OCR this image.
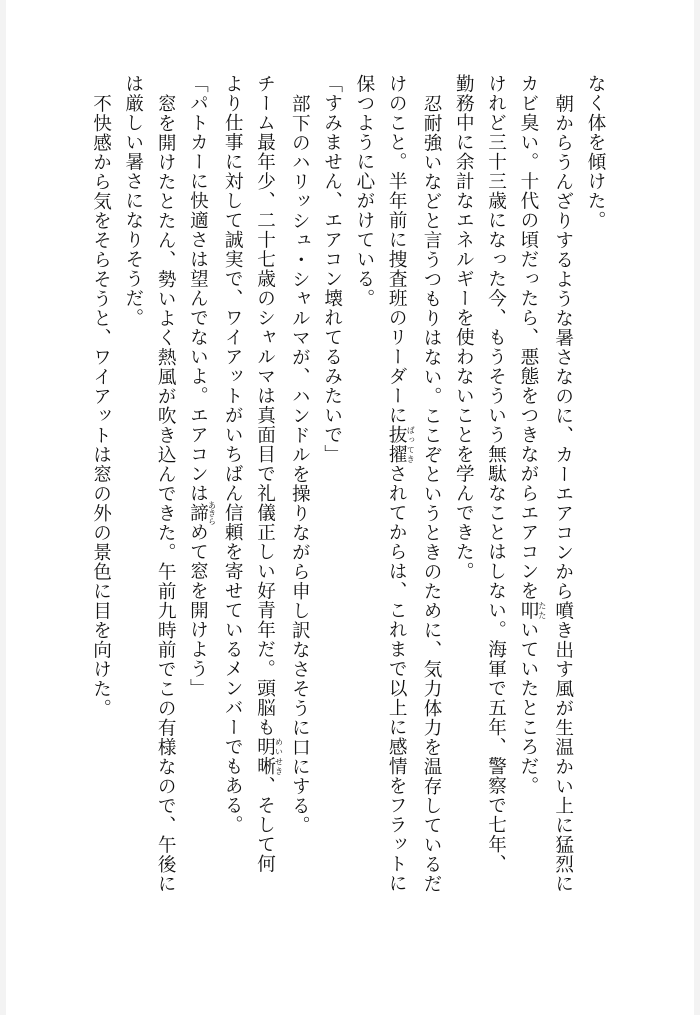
なく体を傾けた。
朝からうんざりするような暑さなのに、カーエアコンから噴き出す風が生温かい上に猛烈に
カビ臭い。十代の頃だったら、悪態をつきながらエアコンを叩 たたいていたところだ。
けれど三十三歳になった今、もうそういう無駄なことはしない。海軍で五年、警察で七年、
勤務中に余計なエネルギーを使わないことを学んできた。
忍耐強いなどと言うつもりはない。ここぞというときのために、気力体力を温存しているだ
けのこと。半年前に捜査班のリーダーに抜擢 ばってきされてからは、これまで以上に感情をフラットに
保つように心がけている。
「すみません、エアコン壊れてるみたいで」
部下のハリッシュ・シャルマが、ハンドルを操りながら申し訳なさそうに口にする。
チーム最年少、二十七歳のシャルマは真面目で礼儀正しい好青年だ。頭脳も明晰 めいせき、そして何
より仕事に対して誠実で、ワイアットがいちばん信頼を寄せているメンバーでもある。
「パトカーに快適さは望んでないよ。エアコンは諦 あきらめて窓を開けよう」
窓を開けたとたん、勢いよく熱風が吹き込んできた。午前九時前でこの有様なので、午後に
は厳しい暑さになりそうだ。
不快感から気をそらそうと、ワイアットは窓の外の景色に目を向けた。
